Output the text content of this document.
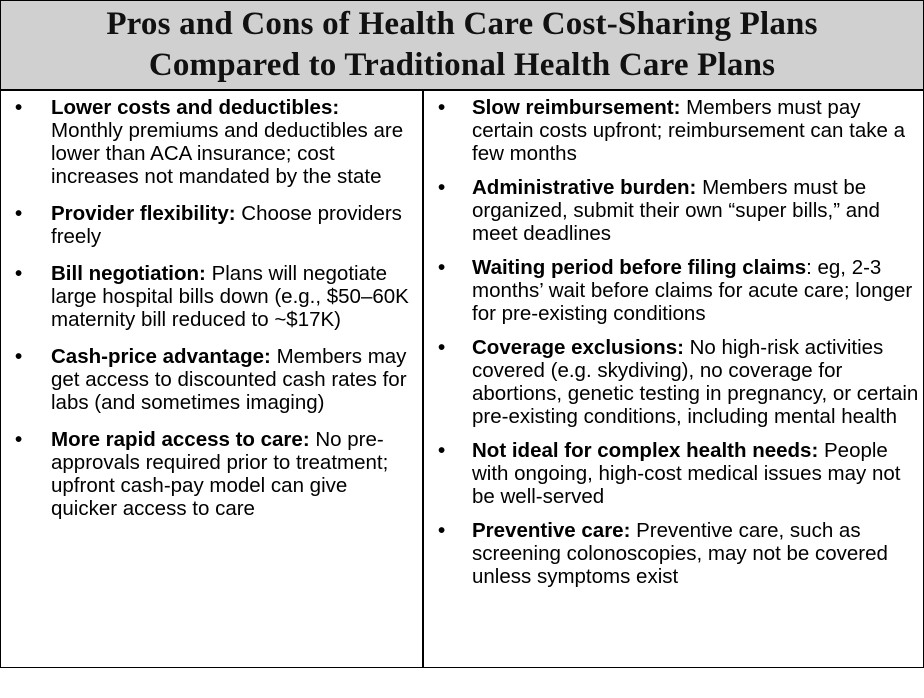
Pros and Cons of Health Care Cost-Sharing Plans
Compared to Traditional Health Care Plans
• Lower costs and deductibles: Monthly premiums and deductibles are lower than ACA insurance; cost increases not mandated by the state
• Provider flexibility: Choose providers freely
• Bill negotiation: Plans will negotiate large hospital bills down (e.g., $50–60K maternity bill reduced to ~$17K)
• Cash-price advantage: Members may get access to discounted cash rates for labs (and sometimes imaging)
• More rapid access to care: No pre-approvals required prior to treatment; upfront cash-pay model can give quicker access to care
• Slow reimbursement: Members must pay certain costs upfront; reimbursement can take a few months
• Administrative burden: Members must be organized, submit their own “super bills,” and meet deadlines
• Waiting period before filing claims: eg, 2-3 months’ wait before claims for acute care; longer for pre-existing conditions
• Coverage exclusions: No high-risk activities covered (e.g. skydiving), no coverage for abortions, genetic testing in pregnancy, or certain pre-existing conditions, including mental health
• Not ideal for complex health needs: People with ongoing, high-cost medical issues may not be well-served
• Preventive care: Preventive care, such as screening colonoscopies, may not be covered unless symptoms exist
